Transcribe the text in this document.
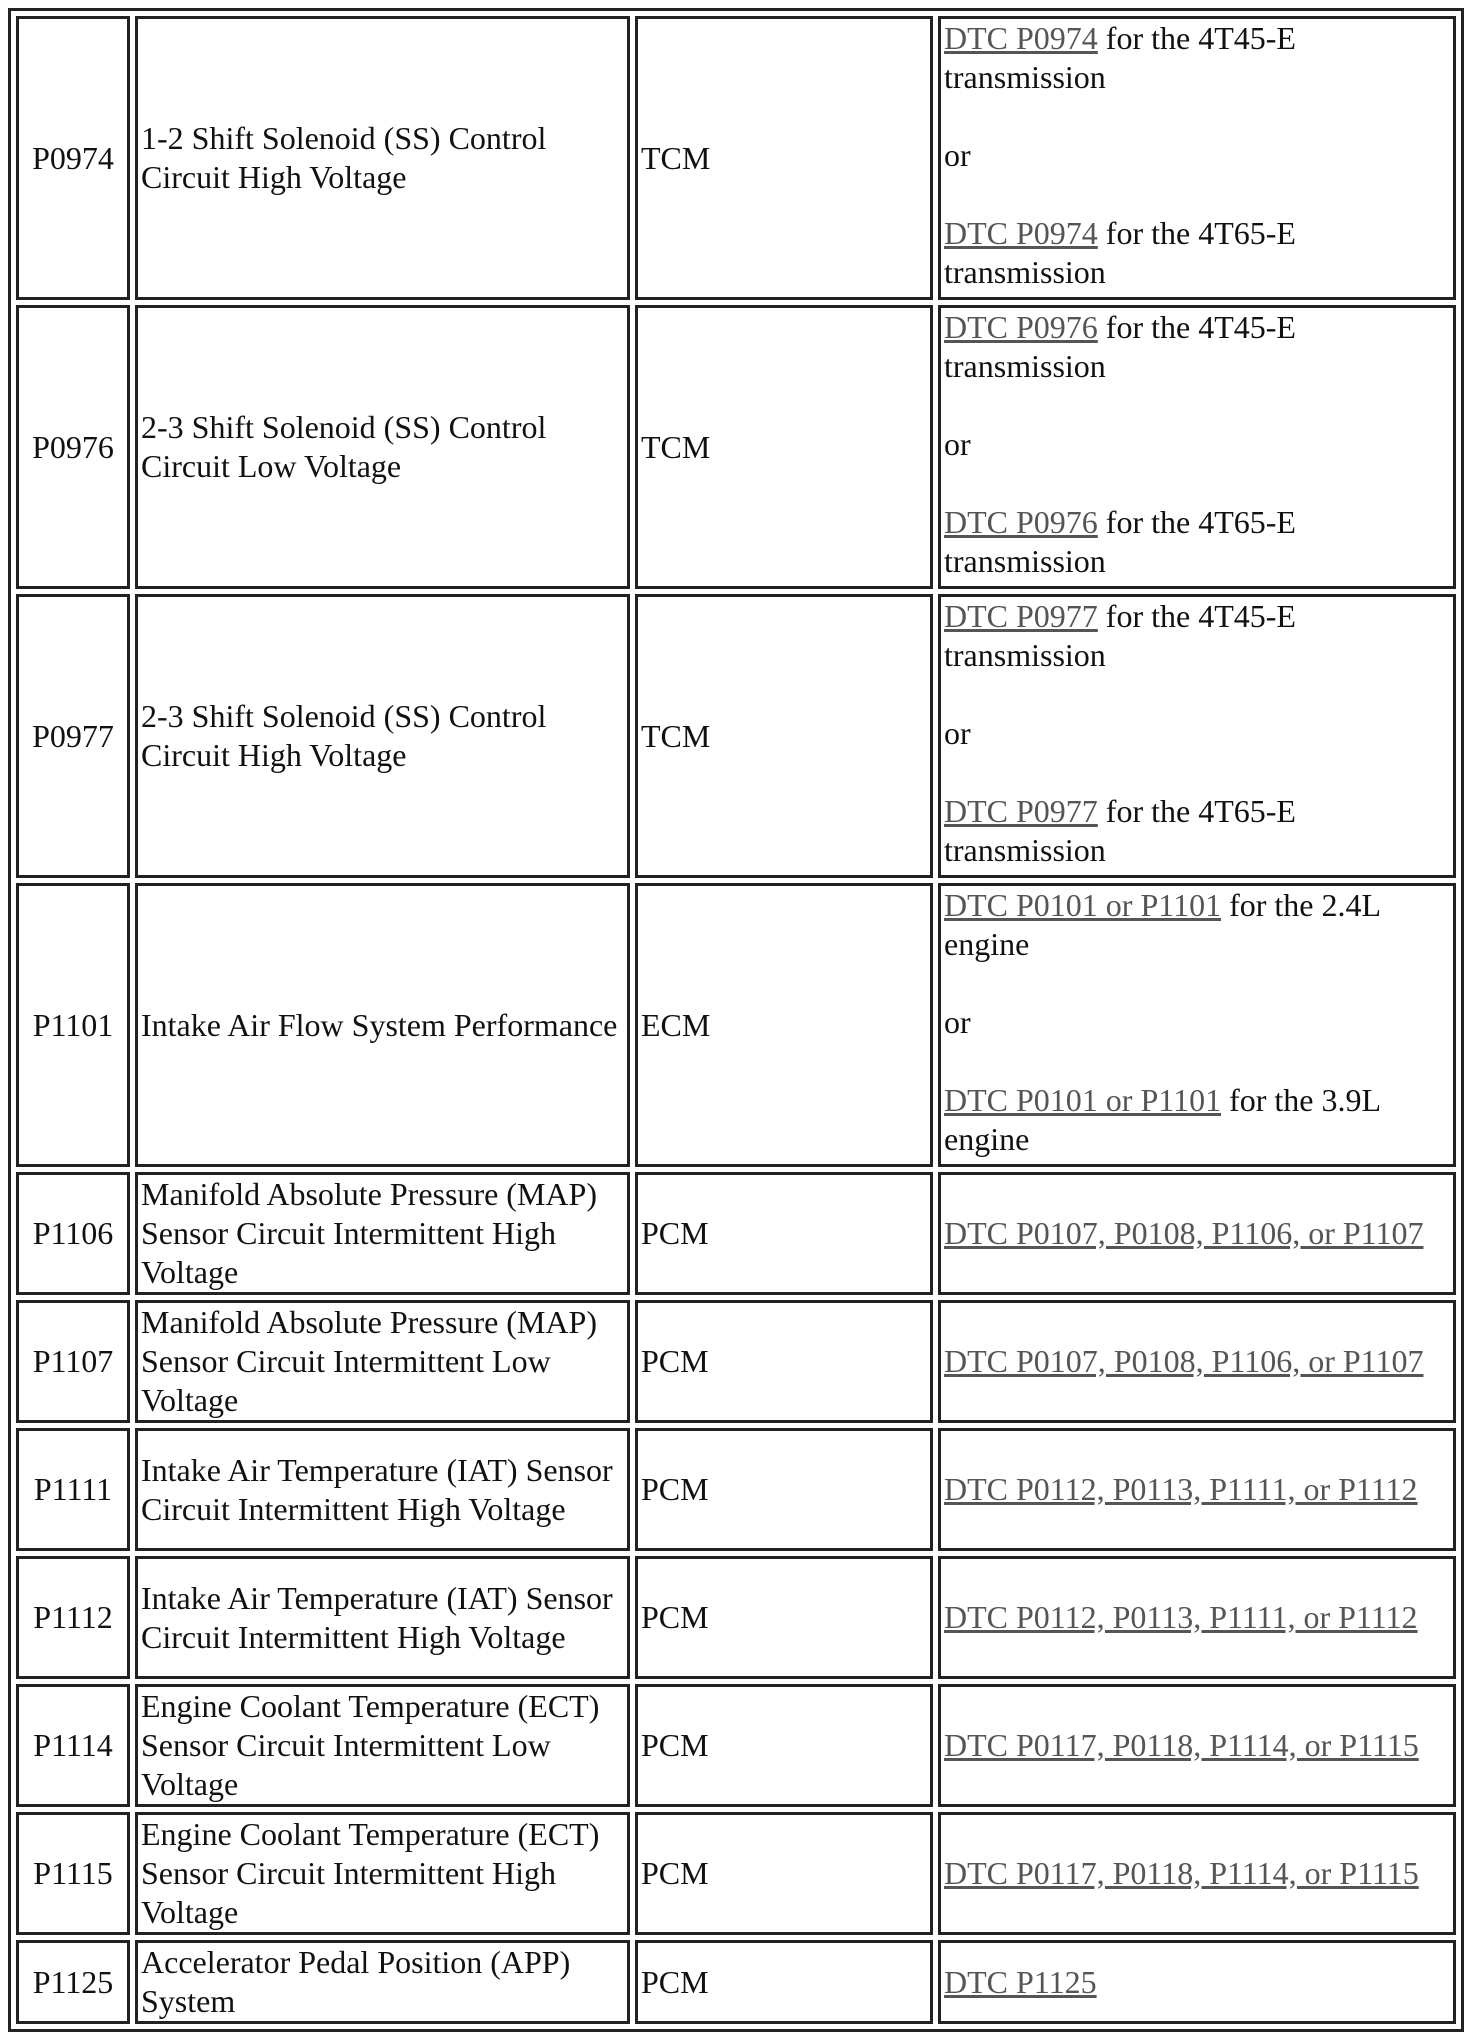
P0974	1-2 Shift Solenoid (SS) Control Circuit High Voltage	TCM	DTC P0974 for the 4T45-E transmission
or
DTC P0974 for the 4T65-E transmission

P0976	2-3 Shift Solenoid (SS) Control Circuit Low Voltage	TCM	DTC P0976 for the 4T45-E transmission
or
DTC P0976 for the 4T65-E transmission

P0977	2-3 Shift Solenoid (SS) Control Circuit High Voltage	TCM	DTC P0977 for the 4T45-E transmission
or
DTC P0977 for the 4T65-E transmission

P1101	Intake Air Flow System Performance	ECM	DTC P0101 or P1101 for the 2.4L engine
or
DTC P0101 or P1101 for the 3.9L engine

P1106	Manifold Absolute Pressure (MAP) Sensor Circuit Intermittent High Voltage	PCM	DTC P0107, P0108, P1106, or P1107
P1107	Manifold Absolute Pressure (MAP) Sensor Circuit Intermittent Low Voltage	PCM	DTC P0107, P0108, P1106, or P1107
P1111	Intake Air Temperature (IAT) Sensor Circuit Intermittent High Voltage	PCM	DTC P0112, P0113, P1111, or P1112
P1112	Intake Air Temperature (IAT) Sensor Circuit Intermittent High Voltage	PCM	DTC P0112, P0113, P1111, or P1112
P1114	Engine Coolant Temperature (ECT) Sensor Circuit Intermittent Low Voltage	PCM	DTC P0117, P0118, P1114, or P1115
P1115	Engine Coolant Temperature (ECT) Sensor Circuit Intermittent High Voltage	PCM	DTC P0117, P0118, P1114, or P1115
P1125	Accelerator Pedal Position (APP) System	PCM	DTC P1125
